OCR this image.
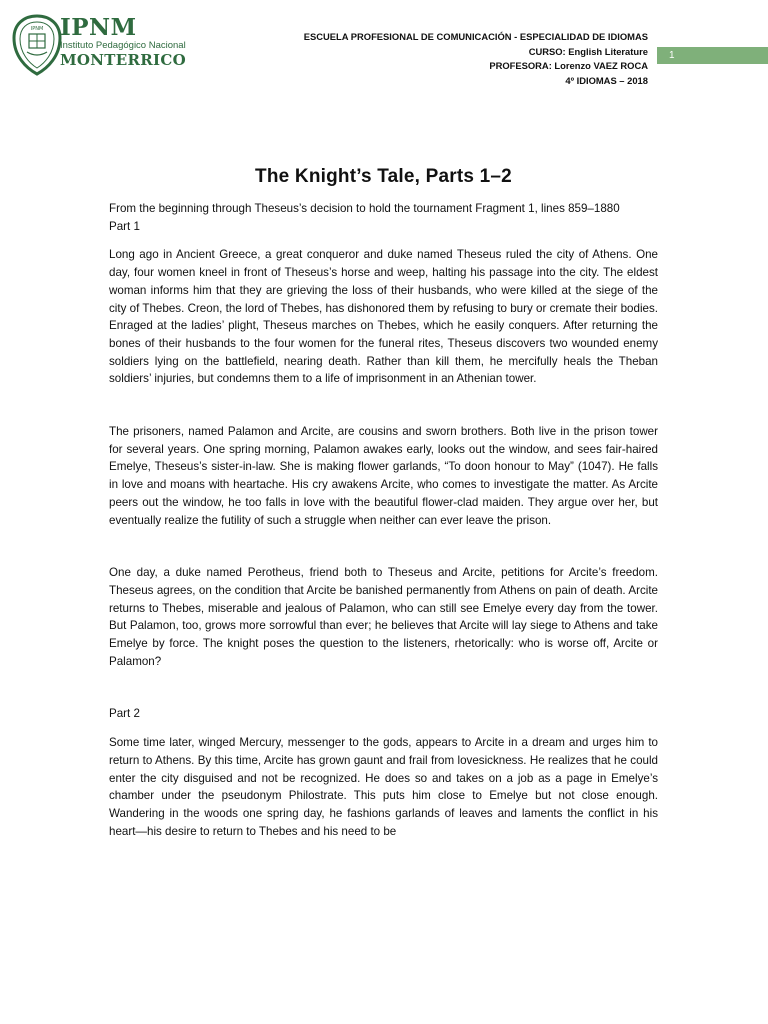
IPNM IPNM
Instituto Pedagógico Nacional
MONTERRICO
ESCUELA PROFESIONAL DE COMUNICACIÓN - ESPECIALIDAD DE IDIOMAS
CURSO: English Literature
PROFESORA: Lorenzo VAEZ ROCA
4º IDIOMAS – 2018
1
The Knight’s Tale, Parts 1–2

From the beginning through Theseus’s decision to hold the tournament Fragment 1, lines 859–1880

Part 1

Long ago in Ancient Greece, a great conqueror and duke named Theseus ruled the city of Athens. One day, four women kneel in front of Theseus’s horse and weep, halting his passage into the city. The eldest woman informs him that they are grieving the loss of their husbands, who were killed at the siege of the city of Thebes. Creon, the lord of Thebes, has dishonored them by refusing to bury or cremate their bodies. Enraged at the ladies’ plight, Theseus marches on Thebes, which he easily conquers. After returning the bones of their husbands to the four women for the funeral rites, Theseus discovers two wounded enemy soldiers lying on the battlefield, nearing death. Rather than kill them, he mercifully heals the Theban soldiers’ injuries, but condemns them to a life of imprisonment in an Athenian tower.

The prisoners, named Palamon and Arcite, are cousins and sworn brothers. Both live in the prison tower for several years. One spring morning, Palamon awakes early, looks out the window, and sees fair-haired Emelye, Theseus’s sister-in-law. She is making flower garlands, “To doon honour to May” (1047). He falls in love and moans with heartache. His cry awakens Arcite, who comes to investigate the matter. As Arcite peers out the window, he too falls in love with the beautiful flower-clad maiden. They argue over her, but eventually realize the futility of such a struggle when neither can ever leave the prison.

One day, a duke named Perotheus, friend both to Theseus and Arcite, petitions for Arcite’s freedom. Theseus agrees, on the condition that Arcite be banished permanently from Athens on pain of death. Arcite returns to Thebes, miserable and jealous of Palamon, who can still see Emelye every day from the tower. But Palamon, too, grows more sorrowful than ever; he believes that Arcite will lay siege to Athens and take Emelye by force. The knight poses the question to the listeners, rhetorically: who is worse off, Arcite or Palamon?

Part 2

Some time later, winged Mercury, messenger to the gods, appears to Arcite in a dream and urges him to return to Athens. By this time, Arcite has grown gaunt and frail from lovesickness. He realizes that he could enter the city disguised and not be recognized. He does so and takes on a job as a page in Emelye’s chamber under the pseudonym Philostrate. This puts him close to Emelye but not close enough. Wandering in the woods one spring day, he fashions garlands of leaves and laments the conflict in his heart—his desire to return to Thebes and his need to be
